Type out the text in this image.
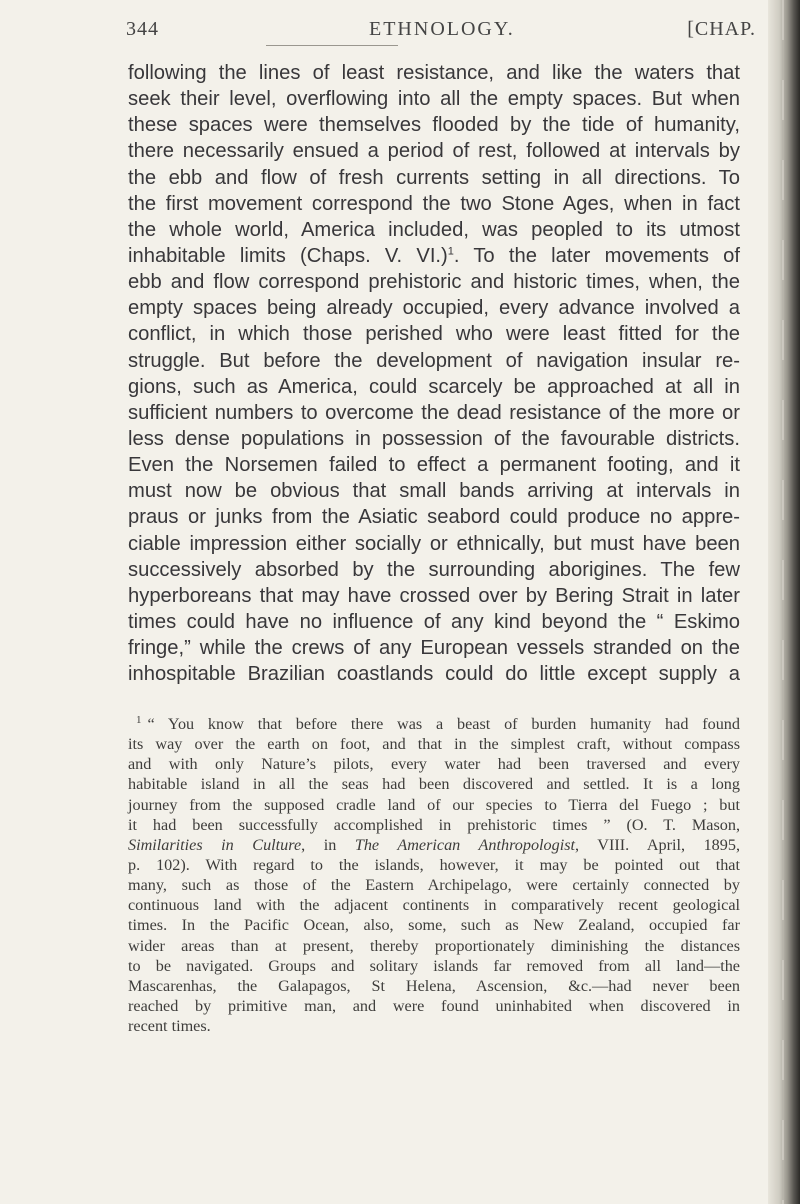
344	ETHNOLOGY.	[CHAP.
following the lines of least resistance, and like the waters that
seek their level, overflowing into all the empty spaces. But when
these spaces were themselves flooded by the tide of humanity,
there necessarily ensued a period of rest, followed at intervals by
the ebb and flow of fresh currents setting in all directions. To
the first movement correspond the two Stone Ages, when in fact
the whole world, America included, was peopled to its utmost
inhabitable limits (Chaps. V. VI.)$^1$. To the later movements of
ebb and flow correspond prehistoric and historic times, when, the
empty spaces being already occupied, every advance involved a
conflict, in which those perished who were least fitted for the
struggle. But before the development of navigation insular re-
gions, such as America, could scarcely be approached at all in
sufficient numbers to overcome the dead resistance of the more or
less dense populations in possession of the favourable districts.
Even the Norsemen failed to effect a permanent footing, and it
must now be obvious that small bands arriving at intervals in
praus or junks from the Asiatic seabord could produce no appre-
ciable impression either socially or ethnically, but must have been
successively absorbed by the surrounding aborigines. The few
hyperboreans that may have crossed over by Bering Strait in later
times could have no influence of any kind beyond the “ Eskimo
fringe,” while the crews of any European vessels stranded on the
inhospitable Brazilian coastlands could do little except supply a
$^1$ “ You know that before there was a beast of burden humanity had found
its way over the earth on foot, and that in the simplest craft, without compass
and with only Nature’s pilots, every water had been traversed and every
habitable island in all the seas had been discovered and settled. It is a long
journey from the supposed cradle land of our species to Tierra del Fuego ; but
it had been successfully accomplished in prehistoric times ” (O. T. Mason,
Similarities in Culture, in The American Anthropologist, VIII. April, 1895,
p. 102). With regard to the islands, however, it may be pointed out that
many, such as those of the Eastern Archipelago, were certainly connected by
continuous land with the adjacent continents in comparatively recent geological
times. In the Pacific Ocean, also, some, such as New Zealand, occupied far
wider areas than at present, thereby proportionately diminishing the distances
to be navigated. Groups and solitary islands far removed from all land—the
Mascarenhas, the Galapagos, St Helena, Ascension, &c.—had never been
reached by primitive man, and were found uninhabited when discovered in
recent times.
